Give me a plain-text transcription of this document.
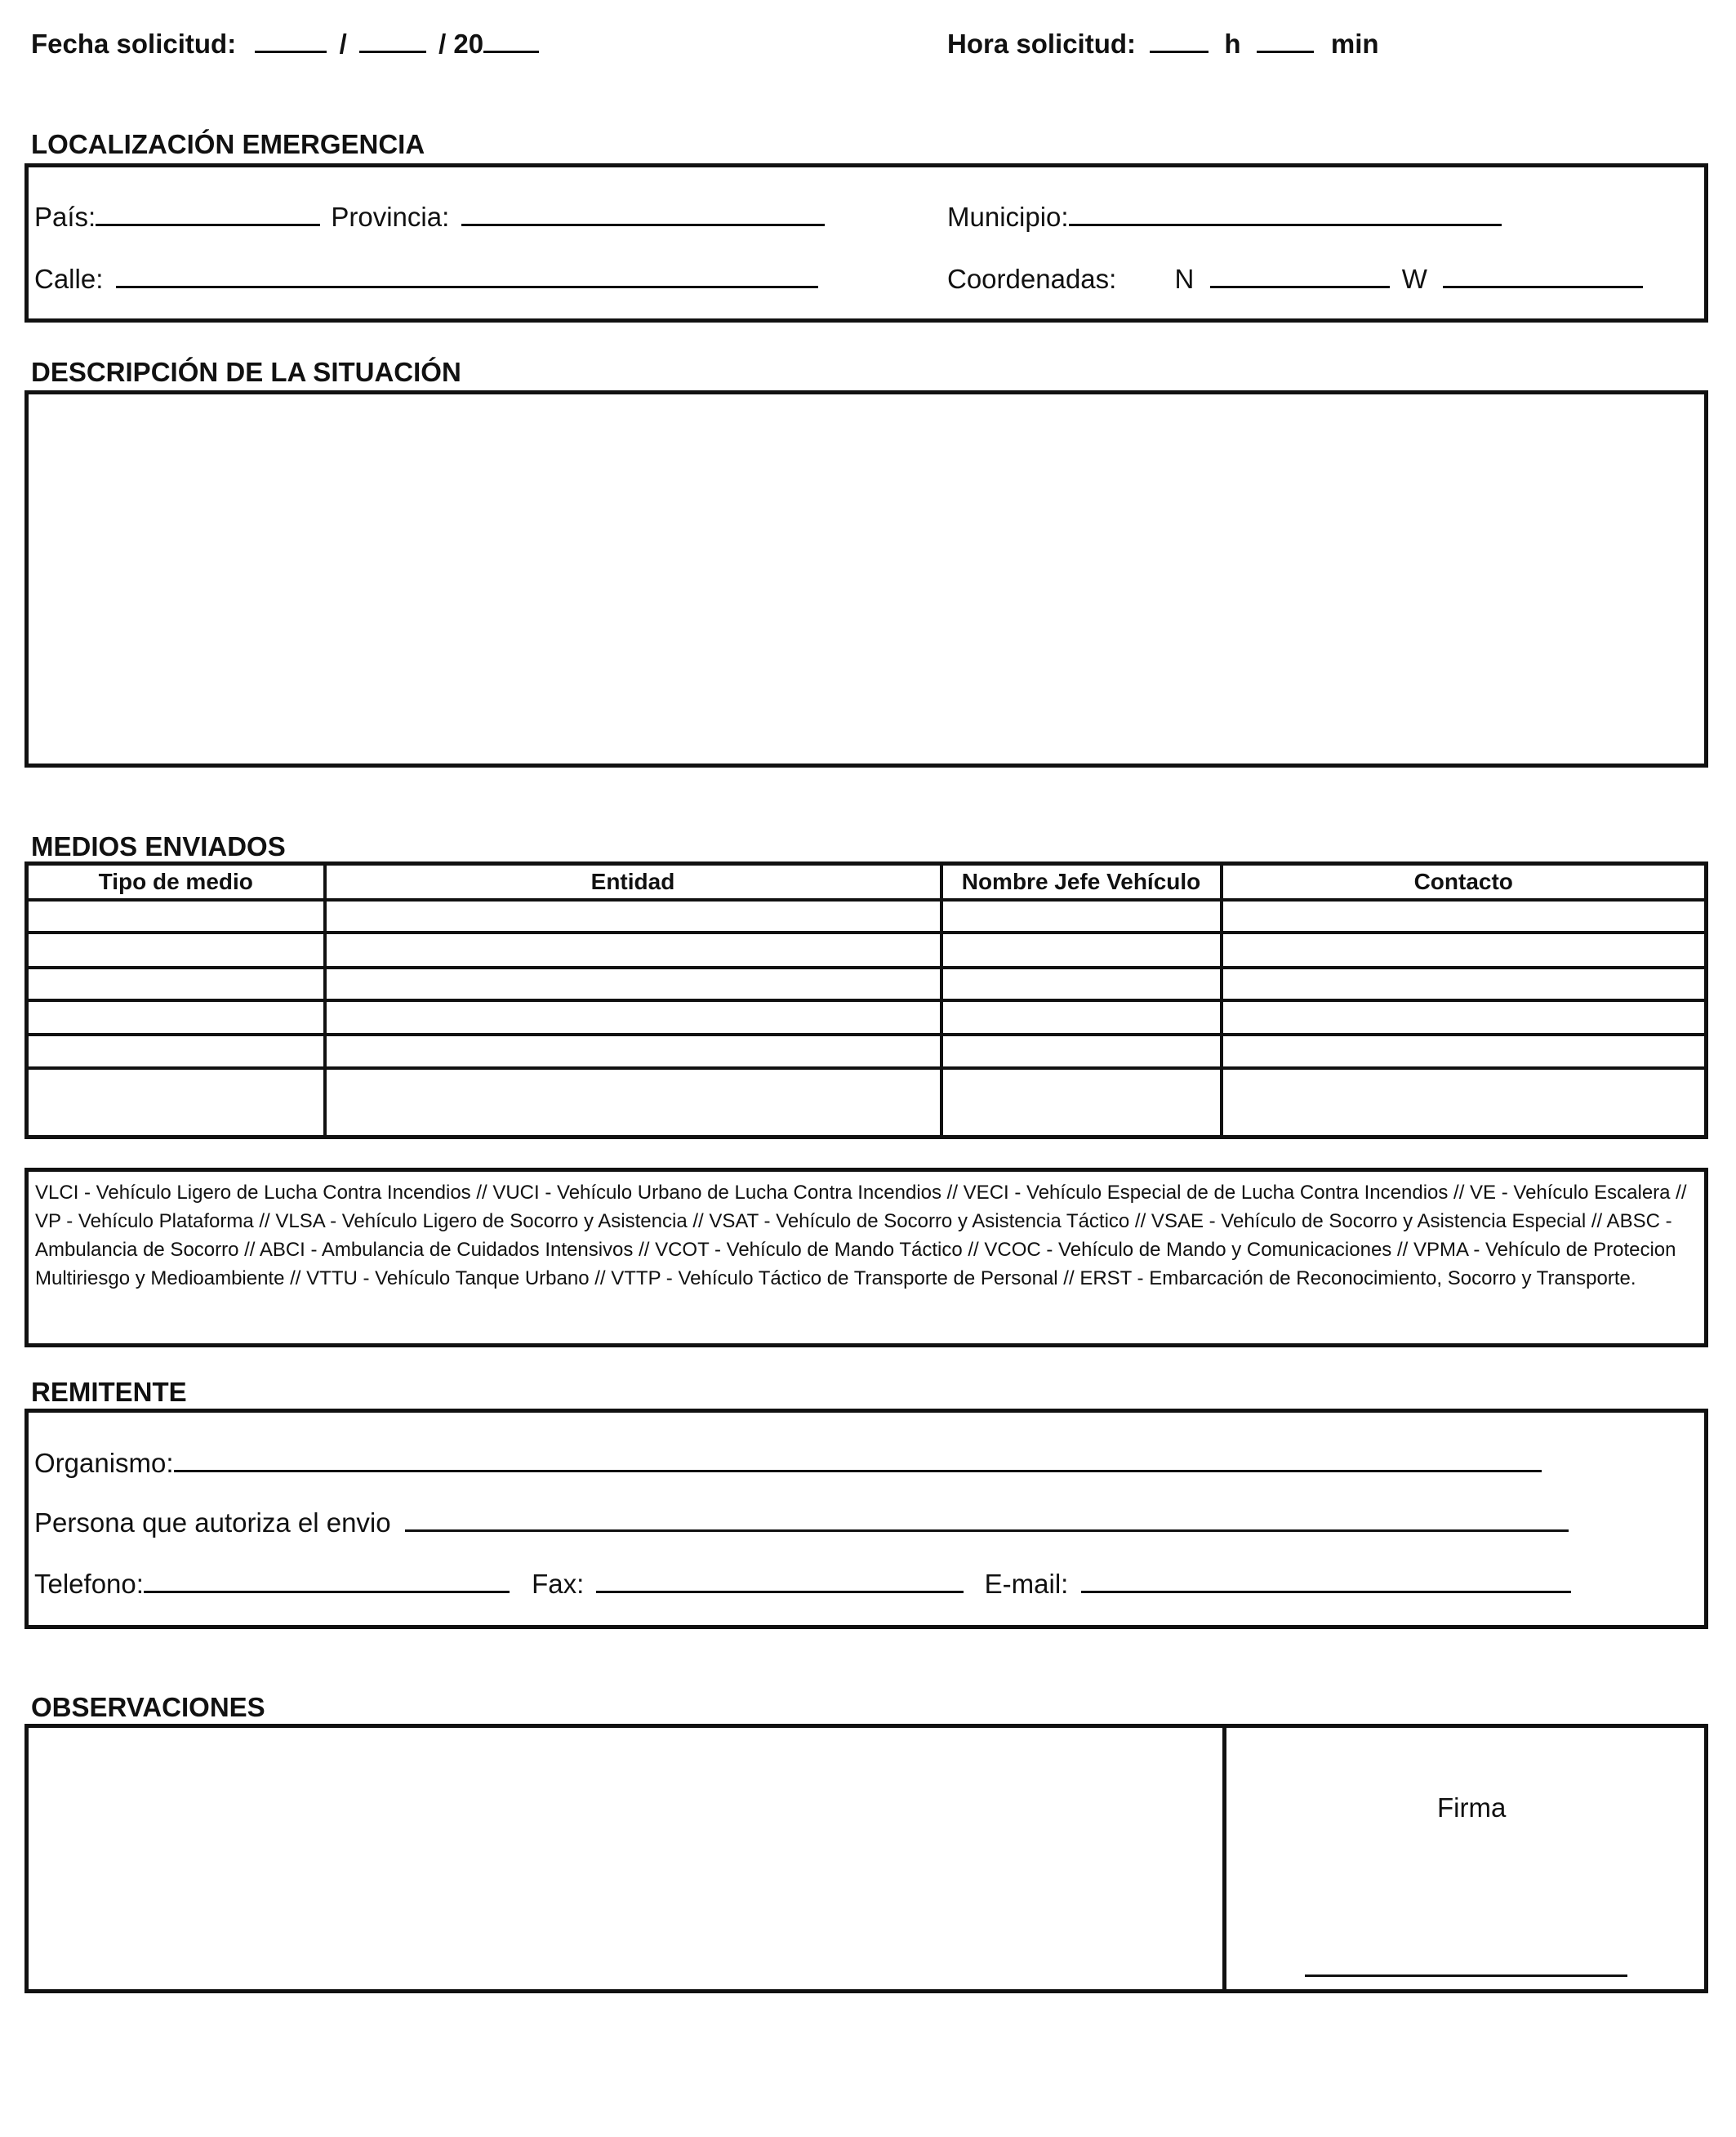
Fecha solicitud:	/	/ 20	Hora solicitud:	h	min
LOCALIZACIÓN EMERGENCIA
País:	Provincia:	Municipio:
Calle:	Coordenadas: N	W
DESCRIPCIÓN DE LA SITUACIÓN
MEDIOS ENVIADOS
Tipo de medio	Entidad	Nombre Jefe Vehículo	Contacto

VLCI - Vehículo Ligero de Lucha Contra Incendios // VUCI - Vehículo Urbano de Lucha Contra Incendios // VECI - Vehículo Especial de de Lucha Contra Incendios // VE - Vehículo Escalera // VP - Vehículo Plataforma // VLSA - Vehículo Ligero de Socorro y Asistencia // VSAT - Vehículo de Socorro y Asistencia Táctico // VSAE - Vehículo de Socorro y Asistencia Especial // ABSC - Ambulancia de Socorro // ABCI - Ambulancia de Cuidados Intensivos // VCOT - Vehículo de Mando Táctico // VCOC - Vehículo de Mando y Comunicaciones // VPMA - Vehículo de Protecion Multiriesgo y Medioambiente // VTTU - Vehículo Tanque Urbano // VTTP - Vehículo Táctico de Transporte de Personal // ERST - Embarcación de Reconocimiento, Socorro y Transporte.
REMITENTE
Organismo:
Persona que autoriza el envio
Telefono:	Fax:	E-mail:
OBSERVACIONES
Firma
